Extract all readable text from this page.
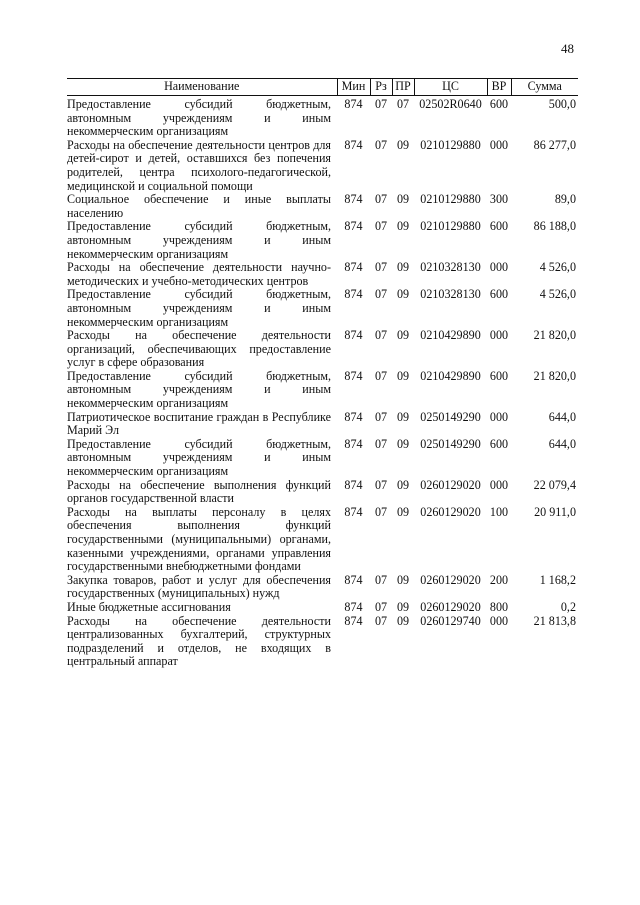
48
Наименование	Мин	Рз	ПР	ЦС	ВР	Сумма

Предоставление субсидий бюджетным, автономным учреждениям и иным некоммерческим организациям	874	07	07	02502R0640	600	500,0
Расходы на обеспечение деятельности центров для детей-сирот и детей, оставшихся без попечения родителей, центра психолого-педагогической, медицинской и социальной помощи	874	07	09	0210129880	000	86 277,0
Социальное обеспечение и иные выплаты населению	874	07	09	0210129880	300	89,0
Предоставление субсидий бюджетным, автономным учреждениям и иным некоммерческим организациям	874	07	09	0210129880	600	86 188,0
Расходы на обеспечение деятельности научно-методических и учебно-методических центров	874	07	09	0210328130	000	4 526,0
Предоставление субсидий бюджетным, автономным учреждениям и иным некоммерческим организациям	874	07	09	0210328130	600	4 526,0
Расходы на обеспечение деятельности организаций, обеспечивающих предоставление услуг в сфере образования	874	07	09	0210429890	000	21 820,0
Предоставление субсидий бюджетным, автономным учреждениям и иным некоммерческим организациям	874	07	09	0210429890	600	21 820,0
Патриотическое воспитание граждан в Республике Марий Эл	874	07	09	0250149290	000	644,0
Предоставление субсидий бюджетным, автономным учреждениям и иным некоммерческим организациям	874	07	09	0250149290	600	644,0
Расходы на обеспечение выполнения функций органов государственной власти	874	07	09	0260129020	000	22 079,4
Расходы на выплаты персоналу в целях обеспечения выполнения функций государственными (муниципальными) органами, казенными учреждениями, органами управления государственными внебюджетными фондами	874	07	09	0260129020	100	20 911,0
Закупка товаров, работ и услуг для обеспечения государственных (муниципальных) нужд	874	07	09	0260129020	200	1 168,2
Иные бюджетные ассигнования	874	07	09	0260129020	800	0,2
Расходы на обеспечение деятельности централизованных бухгалтерий, структурных подразделений и отделов, не входящих в центральный аппарат	874	07	09	0260129740	000	21 813,8
